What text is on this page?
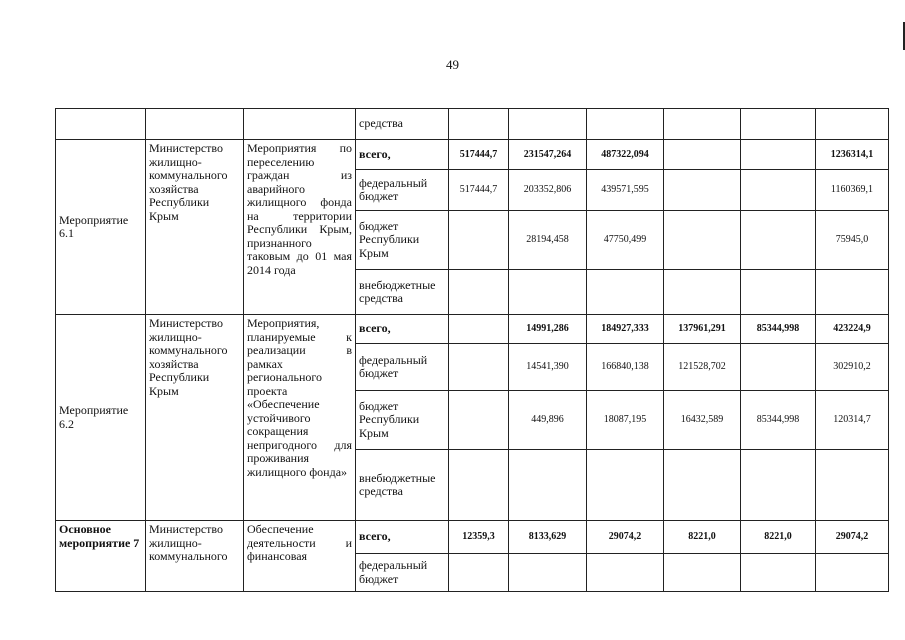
49
			средства						
Мероприятие 6.1	Министерство жилищно-коммунального хозяйства Республики Крым	Мероприятия по переселению граждан из аварийного жилищного фонда на территории Республики Крым, признанного таковым до 01 мая 2014 года	всего,	517444,7	231547,264	487322,094			1236314,1
			федеральный бюджет	517444,7	203352,806	439571,595			1160369,1
			бюджет Республики Крым		28194,458	47750,499			75945,0
			внебюджетные средства						
Мероприятие 6.2	Министерство жилищно-коммунального хозяйства Республики Крым	Мероприятия, планируемые к реализации в рамках регионального проекта «Обеспечение устойчивого сокращения непригодного для проживания жилищного фонда»	всего,		14991,286	184927,333	137961,291	85344,998	423224,9
			федеральный бюджет		14541,390	166840,138	121528,702		302910,2
			бюджет Республики Крым		449,896	18087,195	16432,589	85344,998	120314,7
			внебюджетные средства						
Основное мероприятие 7	Министерство жилищно-коммунального	Обеспечение деятельности и финансовая	всего,	12359,3	8133,629	29074,2	8221,0	8221,0	29074,2
			федеральный бюджет						
